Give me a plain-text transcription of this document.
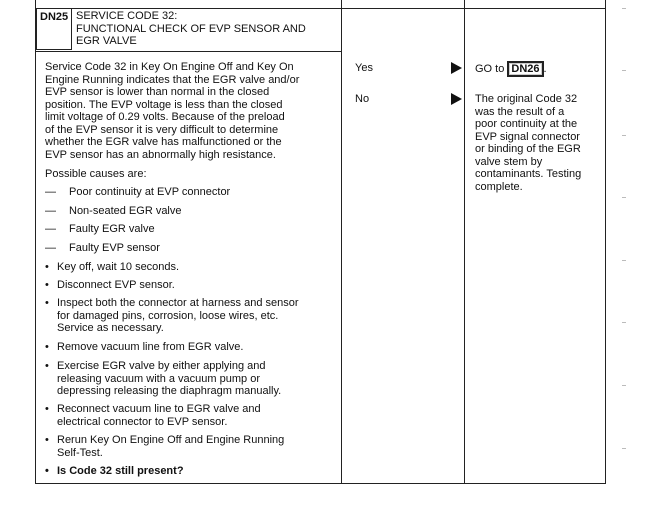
DN25 SERVICE CODE 32:
FUNCTIONAL CHECK OF EVP SENSOR AND
EGR VALVE
Service Code 32 in Key On Engine Off and Key On
Engine Running indicates that the EGR valve and/or
EVP sensor is lower than normal in the closed
position. The EVP voltage is less than the closed
limit voltage of 0.29 volts. Because of the preload
of the EVP sensor it is very difficult to determine
whether the EGR valve has malfunctioned or the
EVP sensor has an abnormally high resistance.
Possible causes are:
— Poor continuity at EVP connector
— Non-seated EGR valve
— Faulty EGR valve
— Faulty EVP sensor
• Key off, wait 10 seconds.
• Disconnect EVP sensor.
• Inspect both the connector at harness and sensor
for damaged pins, corrosion, loose wires, etc.
Service as necessary.
• Remove vacuum line from EGR valve.
• Exercise EGR valve by either applying and
releasing vacuum with a vacuum pump or
depressing releasing the diaphragm manually.
• Reconnect vacuum line to EGR valve and
electrical connector to EVP sensor.
• Rerun Key On Engine Off and Engine Running
Self-Test.
• Is Code 32 still present?
Yes
No
GO to DN26 .
The original Code 32
was the result of a
poor continuity at the
EVP signal connector
or binding of the EGR
valve stem by
contaminants. Testing
complete.
